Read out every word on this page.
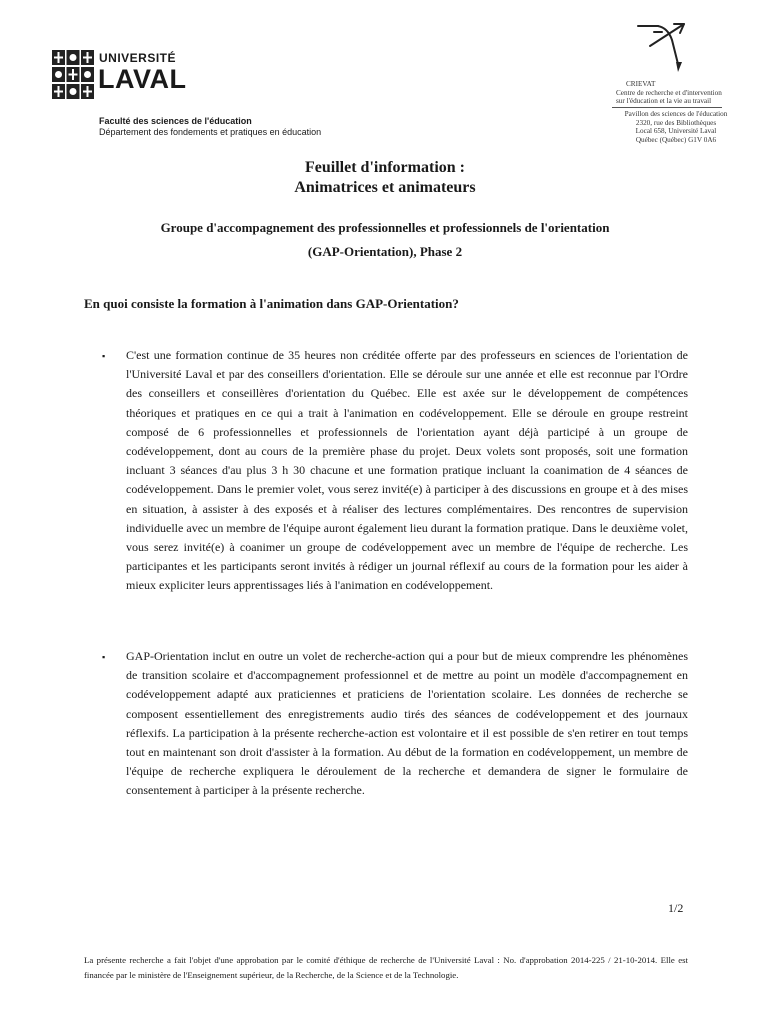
UNIVERSITÉ
LAVAL
Faculté des sciences de l'éducation
Département des fondements et pratiques en éducation
CRIEVAT
Centre de recherche et d'intervention
sur l'éducation et la vie au travail
Pavillon des sciences de l'éducation
2320, rue des Bibliothèques
Local 658, Université Laval
Québec (Québec) G1V 0A6
Feuillet d'information :
Animatrices et animateurs
Groupe d'accompagnement des professionnelles et professionnels de l'orientation
(GAP-Orientation), Phase 2
En quoi consiste la formation à l'animation dans GAP-Orientation?
▪ C'est une formation continue de 35 heures non créditée offerte par des professeurs en sciences de l'orientation de l'Université Laval et par des conseillers d'orientation. Elle se déroule sur une année et elle est reconnue par l'Ordre des conseillers et conseillères d'orientation du Québec. Elle est axée sur le développement de compétences théoriques et pratiques en ce qui a trait à l'animation en codéveloppement. Elle se déroule en groupe restreint composé de 6 professionnelles et professionnels de l'orientation ayant déjà participé à un groupe de codéveloppement, dont au cours de la première phase du projet. Deux volets sont proposés, soit une formation incluant 3 séances d'au plus 3 h 30 chacune et une formation pratique incluant la coanimation de 4 séances de codéveloppement. Dans le premier volet, vous serez invité(e) à participer à des discussions en groupe et à des mises en situation, à assister à des exposés et à réaliser des lectures complémentaires. Des rencontres de supervision individuelle avec un membre de l'équipe auront également lieu durant la formation pratique. Dans le deuxième volet, vous serez invité(e) à coanimer un groupe de codéveloppement avec un membre de l'équipe de recherche. Les participantes et les participants seront invités à rédiger un journal réflexif au cours de la formation pour les aider à mieux expliciter leurs apprentissages liés à l'animation en codéveloppement.
▪ GAP-Orientation inclut en outre un volet de recherche-action qui a pour but de mieux comprendre les phénomènes de transition scolaire et d'accompagnement professionnel et de mettre au point un modèle d'accompagnement en codéveloppement adapté aux praticiennes et praticiens de l'orientation scolaire. Les données de recherche se composent essentiellement des enregistrements audio tirés des séances de codéveloppement et des journaux réflexifs. La participation à la présente recherche-action est volontaire et il est possible de s'en retirer en tout temps tout en maintenant son droit d'assister à la formation. Au début de la formation en codéveloppement, un membre de l'équipe de recherche expliquera le déroulement de la recherche et demandera de signer le formulaire de consentement à participer à la présente recherche.
1/2
La présente recherche a fait l'objet d'une approbation par le comité d'éthique de recherche de l'Université Laval : No. d'approbation 2014-225 / 21-10-2014. Elle est financée par le ministère de l'Enseignement supérieur, de la Recherche, de la Science et de la Technologie.
